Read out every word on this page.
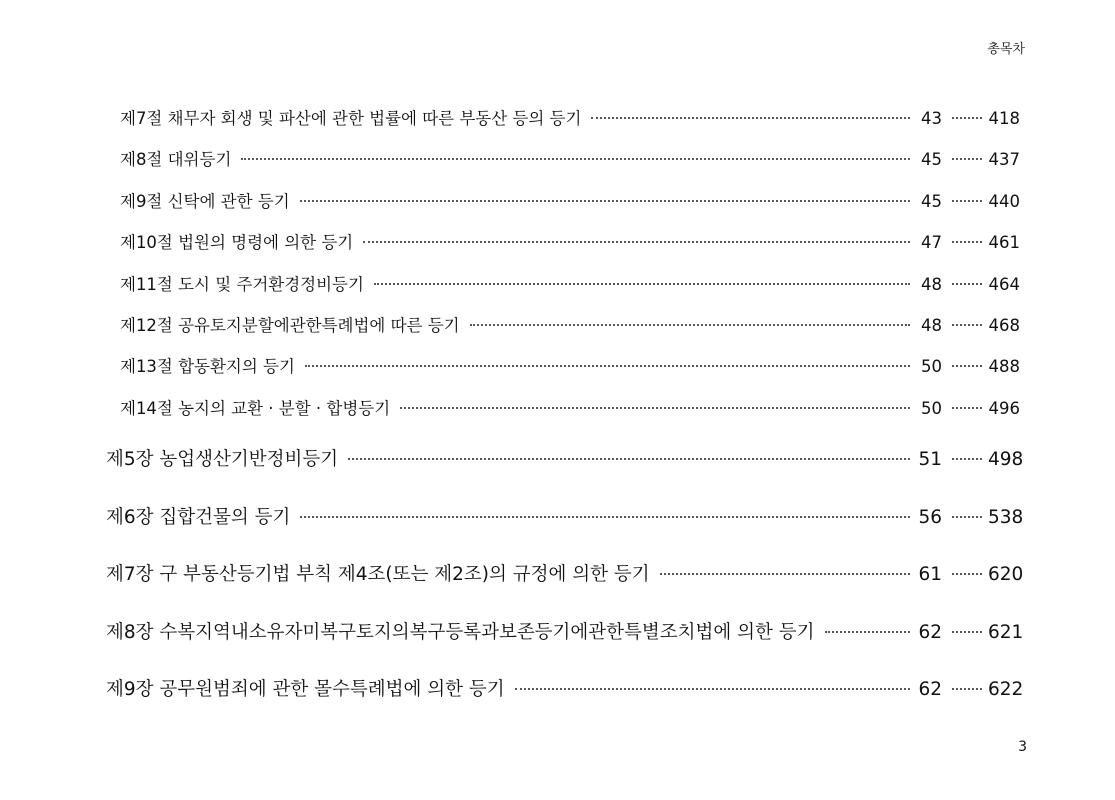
총목차
제7절 채무자 회생 및 파산에 관한 법률에 따른 부동산 등의 등기	43	418
제8절 대위등기	45	437
제9절 신탁에 관한 등기	45	440
제10절 법원의 명령에 의한 등기	47	461
제11절 도시 및 주거환경정비등기	48	464
제12절 공유토지분할에관한특례법에 따른 등기	48	468
제13절 합동환지의 등기	50	488
제14절 농지의 교환 · 분할 · 합병등기	50	496
제5장 농업생산기반정비등기	51 498
제6장 집합건물의 등기	56 538
제7장 구 부동산등기법 부칙 제4조(또는 제2조)의 규정에 의한 등기	61 620
제8장 수복지역내소유자미복구토지의복구등록과보존등기에관한특별조치법에 의한 등기	62 621
제9장 공무원범죄에 관한 몰수특례법에 의한 등기	62 622
3
